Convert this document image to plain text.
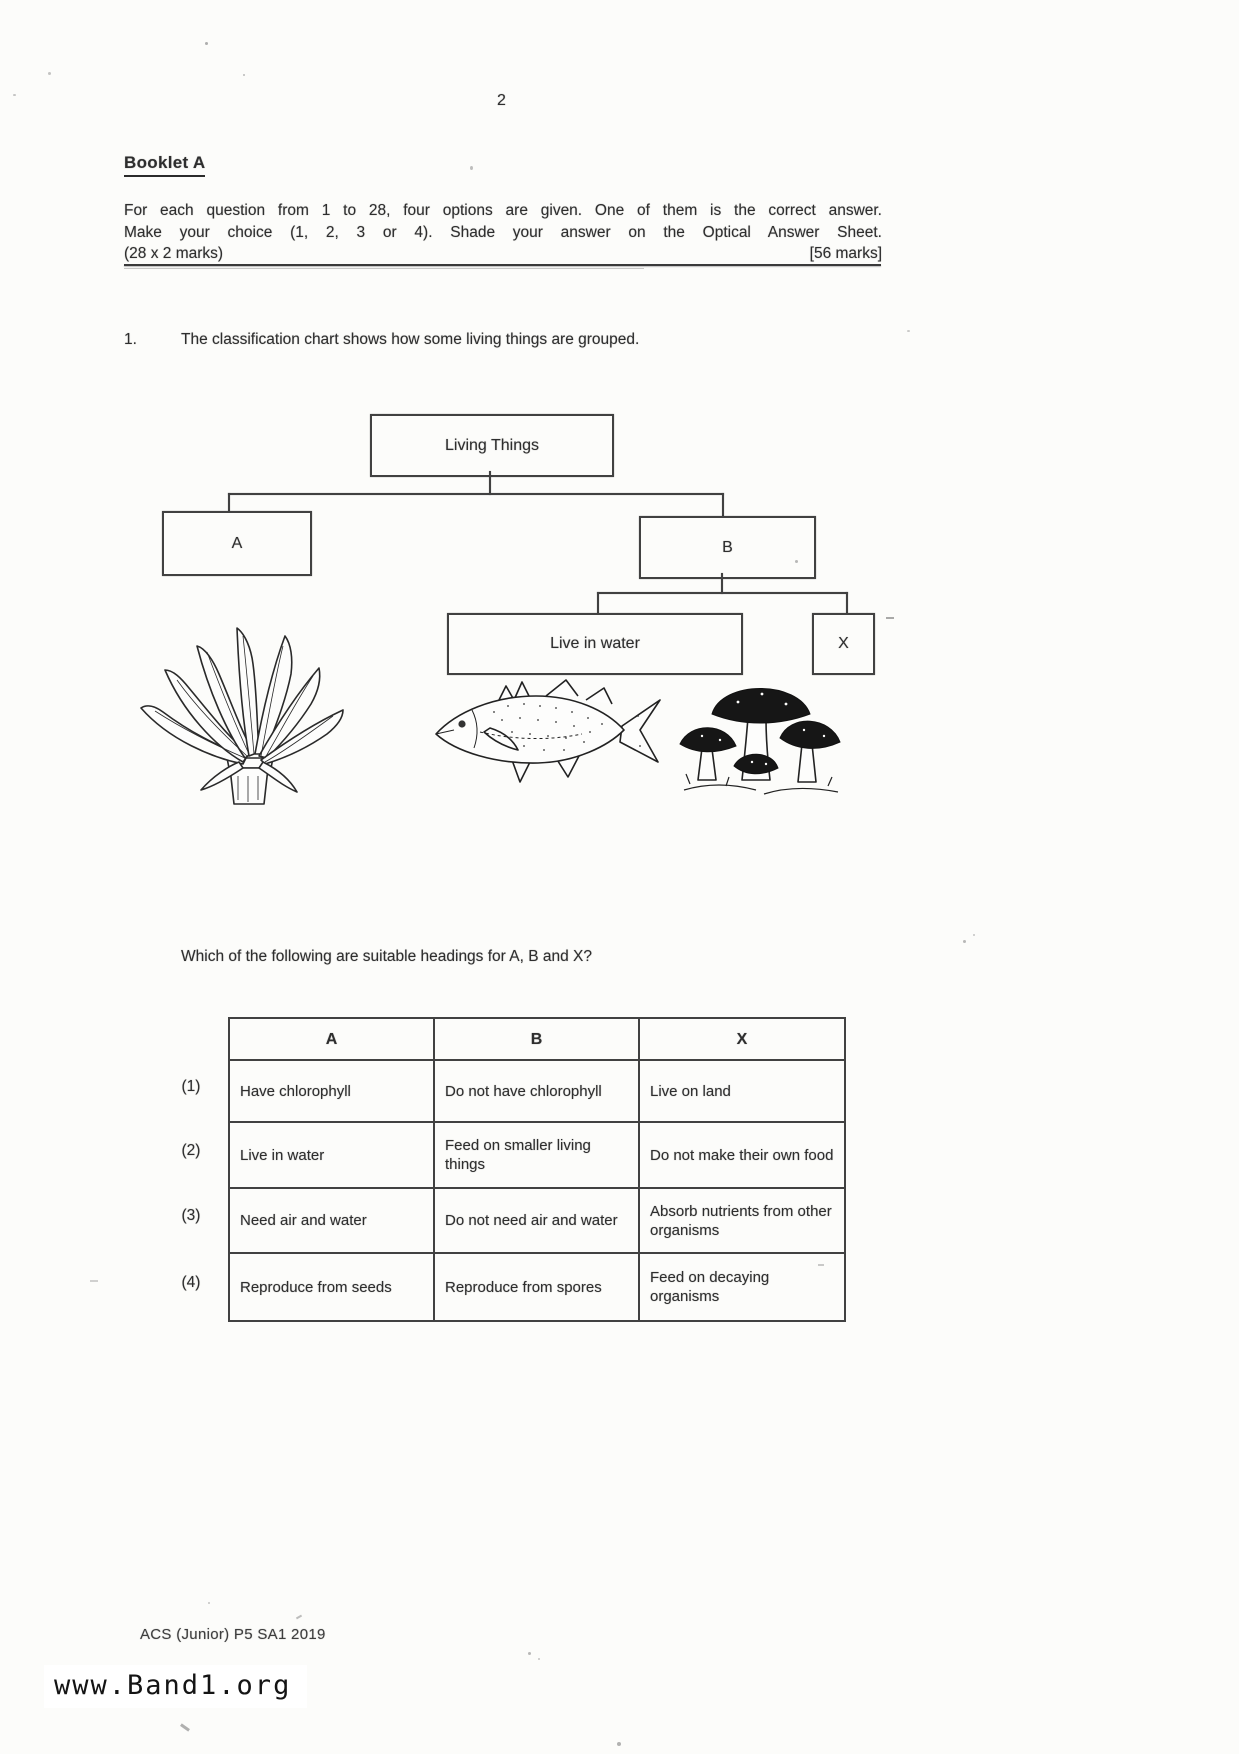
2
Booklet A
For each question from 1 to 28, four options are given. One of them is the correct answer.
Make your choice (1, 2, 3 or 4). Shade your answer on the Optical Answer Sheet.
(28 x 2 marks)	[56 marks]
1.	The classification chart shows how some living things are grouped.
Living Things
A	B
Live in water	X
Which of the following are suitable headings for A, B and X?
(1)
(2)
(3)
(4)
A	B	X
Have chlorophyll	Do not have chlorophyll	Live on land
Live in water	Feed on smaller living things	Do not make their own food
Need air and water	Do not need air and water	Absorb nutrients from other organisms
Reproduce from seeds	Reproduce from spores	Feed on decaying organisms
ACS (Junior) P5 SA1 2019
www.Band1.org
